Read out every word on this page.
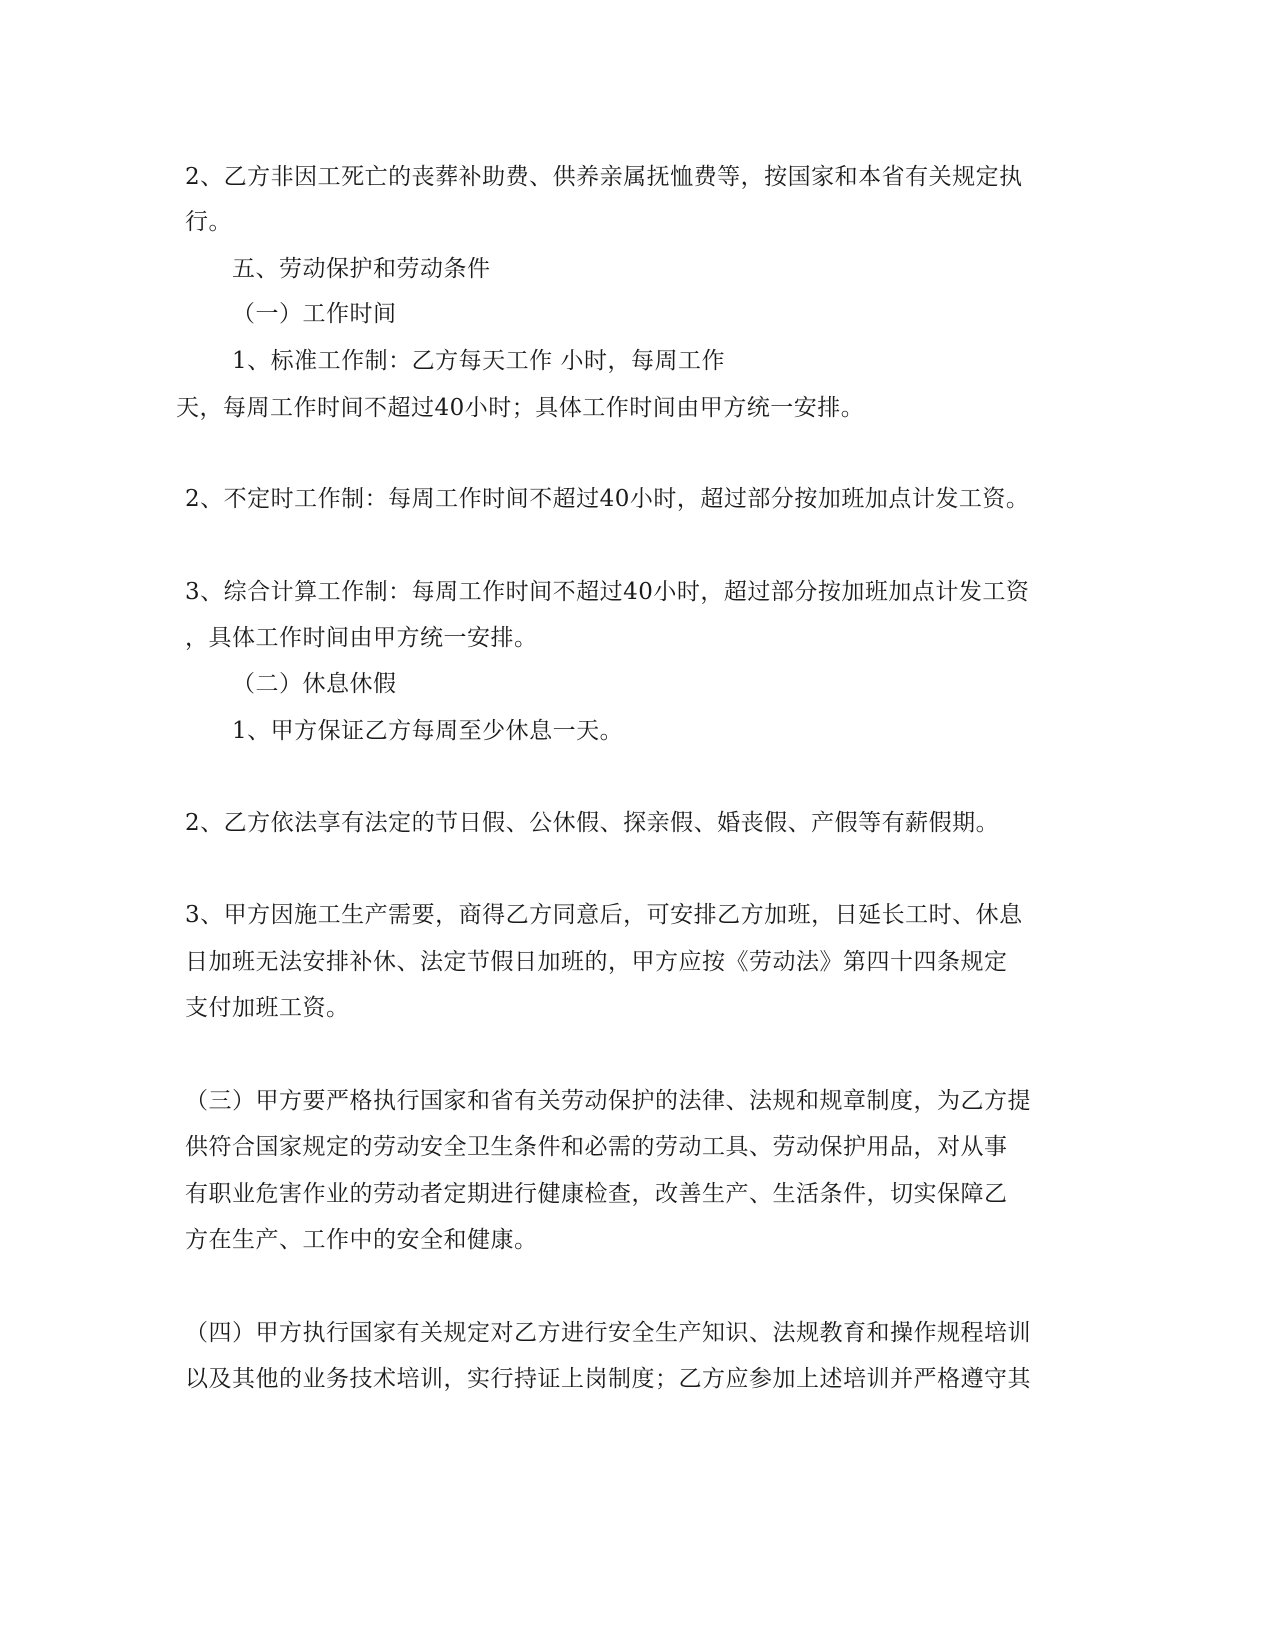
2、乙方非因工死亡的丧葬补助费、供养亲属抚恤费等，按国家和本省有关规定执
行。
五、劳动保护和劳动条件
（一）工作时间
1、标准工作制：乙方每天工作 小时，每周工作
天，每周工作时间不超过40小时；具体工作时间由甲方统一安排。
2、不定时工作制：每周工作时间不超过40小时，超过部分按加班加点计发工资。
3、综合计算工作制：每周工作时间不超过40小时，超过部分按加班加点计发工资
，具体工作时间由甲方统一安排。
（二）休息休假
1、甲方保证乙方每周至少休息一天。
2、乙方依法享有法定的节日假、公休假、探亲假、婚丧假、产假等有薪假期。
3、甲方因施工生产需要，商得乙方同意后，可安排乙方加班，日延长工时、休息
日加班无法安排补休、法定节假日加班的，甲方应按《劳动法》第四十四条规定
支付加班工资。
（三）甲方要严格执行国家和省有关劳动保护的法律、法规和规章制度，为乙方提
供符合国家规定的劳动安全卫生条件和必需的劳动工具、劳动保护用品，对从事
有职业危害作业的劳动者定期进行健康检查，改善生产、生活条件，切实保障乙
方在生产、工作中的安全和健康。
（四）甲方执行国家有关规定对乙方进行安全生产知识、法规教育和操作规程培训
以及其他的业务技术培训，实行持证上岗制度；乙方应参加上述培训并严格遵守其
